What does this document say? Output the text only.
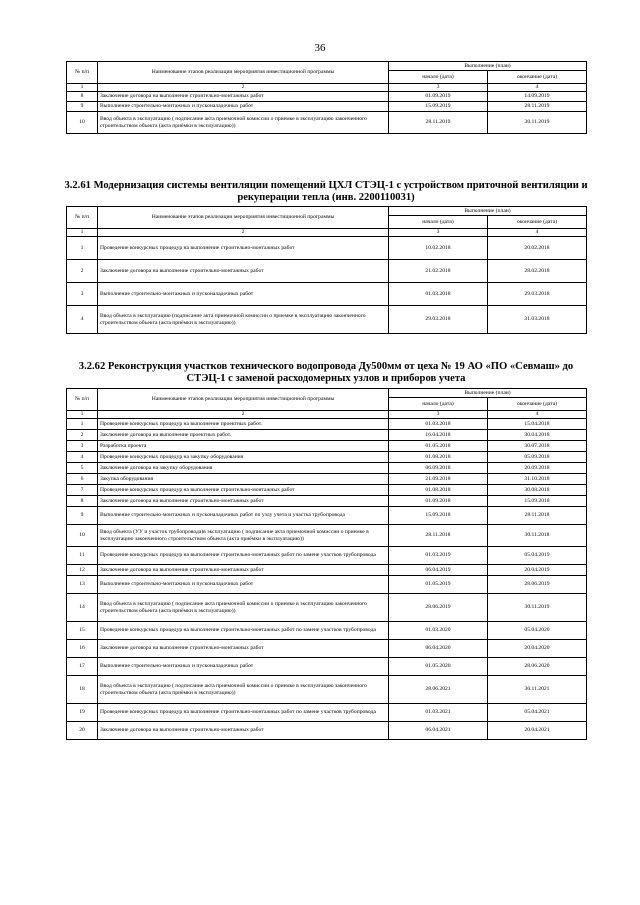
36
№ п/п	Наименование этапов реализации мероприятия инвестиционной программы	Выполнение (план)	
		начало (дата)	окончание (дата)
1	2	3	4
8	Заключение договора на выполнение строительно-монтажных работ	01.09.2019	14.09.2019
9	Выполнение строительно-монтажных и пусконаладочных работ	15.09.2019	28.11.2019
10	Ввод объекта в эксплуатацию ( подписание акта приемочной комиссии о приемке в эксплуатацию законченного строительством объекта (акта приёмки в эксплуатацию))	28.11.2019	30.11.2019
3.2.61 Модернизация системы вентиляции помещений ЦХЛ СТЭЦ-1 с устройством приточной вентиляции и рекуперации тепла (инв. 2200110031)
№ п/п	Наименование этапов реализации мероприятия инвестиционной программы	Выполнение (план)	
		начало (дата)	окончание (дата)
1	2	3	4
1	Проведение конкурсных процедур на выполнение строительно-монтажных работ	10.02.2018	20.02.2018
2	Заключение договора на выполнение строительно-монтажных работ	21.02.2018	28.02.2018
3	Выполнение строительно-монтажных и пусконаладочных работ	01.03.2018	29.03.2018
4	Ввод объекта в эксплуатацию (подписание акта приемочной комиссии о приемке в эксплуатацию законченного строительством объекта (акта приёмки в эксплуатацию))	29.03.2018	31.03.2018
3.2.62 Реконструкция участков технического водопровода Ду500мм от цеха № 19 АО «ПО «Севмаш» до СТЭЦ-1 с заменой расходомерных узлов и приборов учета
№ п/п	Наименование этапов реализации мероприятия инвестиционной программы	Выполнение (план)	
		начало (дата)	окончание (дата)
1	2	3	4
1	Проведение конкурсных процедур на выполнение проектных работ.	01.03.2018	15.04.2018
2	Заключение договора на выполнение проектных работ.	16.04.2018	30.04.2018
3	Разработка проекта	01.05.2018	30.07.2018
4	Проведение конкурсных процедур на закупку оборудования	01.08.2018	05.09.2018
5	Заключение договора на закупку оборудования	06.09.2018	20.09.2018
6	Закупка оборудования	21.09.2018	31.10.2018
7	Проведение конкурсных процедур на выполнение строительно-монтажных работ	01.08.2018	30.08.2018
8	Заключение договора на выполнение строительно-монтажных работ	01.09.2018	15.09.2018
9	Выполнение строительно-монтажных и пусконаладочных работ по узлу учета и участка трубопровода	15.09.2018	28.11.2018
10	Ввод объекта (УУ и участок трубопровода)в эксплуатацию ( подписание акта приемочной комиссии о приемке в эксплуатацию законченного строительством объекта (акта приёмки в эксплуатацию))	28.11.2018	30.11.2018
11	Проведение конкурсных процедур на выполнение строительно-монтажных работ по замене участков трубопровода	01.03.2019	05.04.2019
12	Заключение договора на выполнение строительно-монтажных работ	06.04.2019	20.04.2019
13	Выполнение строительно-монтажных и пусконаладочных работ	01.05.2019	28.06.2019
14	Ввод объекта в эксплуатацию ( подписание акта приемочной комиссии о приемке в эксплуатацию законченного строительством объекта (акта приёмки в эксплуатацию))	28.06.2019	30.11.2019
15	Проведение конкурсных процедур на выполнение строительно-монтажных работ по замене участков трубопровода	01.03.2020	05.04.2020
16	Заключение договора на выполнение строительно-монтажных работ	06.04.2020	20.04.2020
17	Выполнение строительно-монтажных и пусконаладочных работ	01.05.2020	28.06.2020
18	Ввод объекта в эксплуатацию ( подписание акта приемочной комиссии о приемке в эксплуатацию законченного строительством объекта (акта приёмки в эксплуатацию))	28.06.2021	30.11.2021
19	Проведение конкурсных процедур на выполнение строительно-монтажных работ по замене участков трубопровода	01.03.2021	05.04.2021
20	Заключение договора на выполнение строительно-монтажных работ	06.04.2021	20.04.2021
